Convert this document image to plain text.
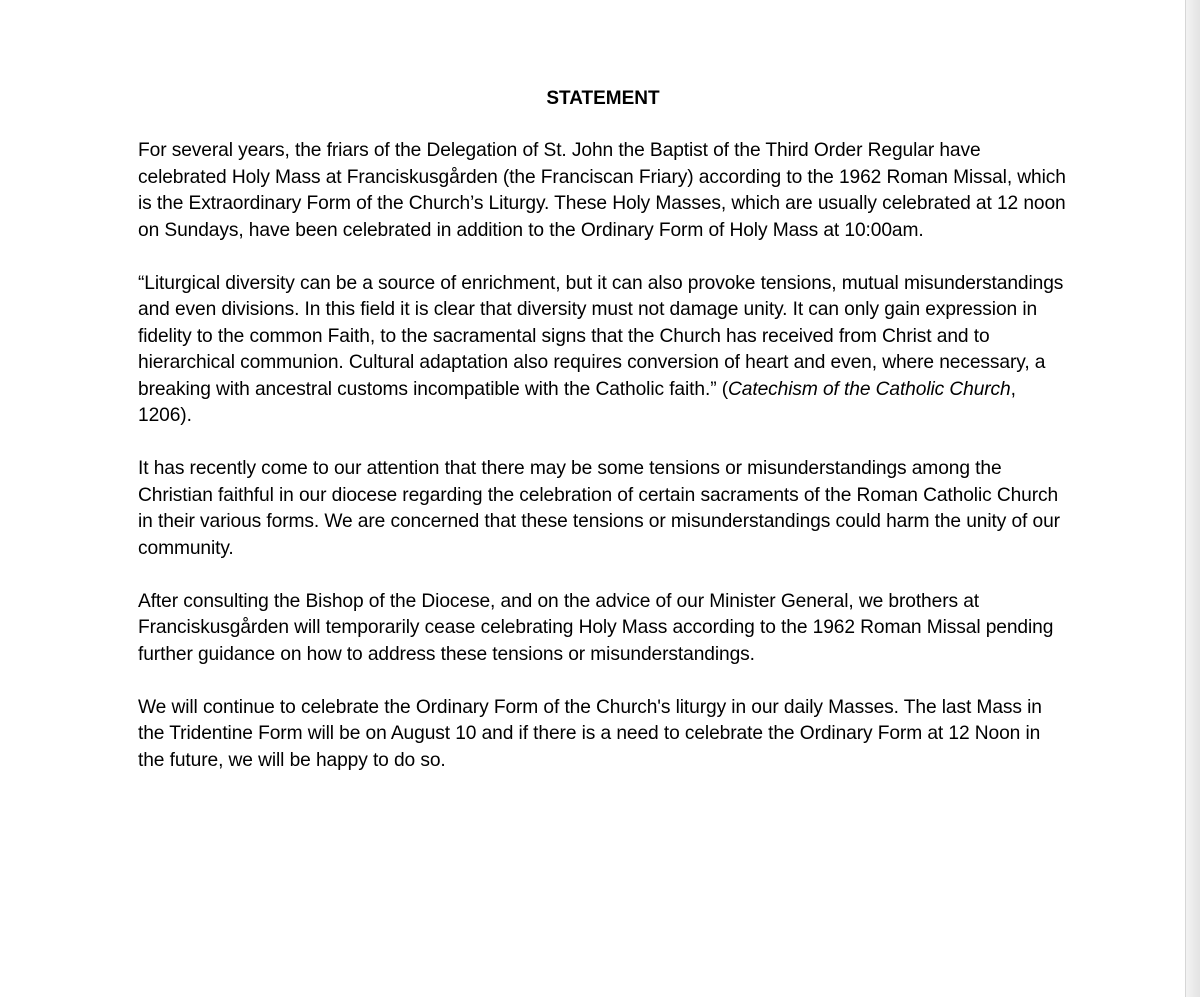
STATEMENT

For several years, the friars of the Delegation of St. John the Baptist of the Third Order Regular have celebrated Holy Mass at Franciskusgården (the Franciscan Friary) according to the 1962 Roman Missal, which is the Extraordinary Form of the Church’s Liturgy. These Holy Masses, which are usually celebrated at 12 noon on Sundays, have been celebrated in addition to the Ordinary Form of Holy Mass at 10:00am.

“Liturgical diversity can be a source of enrichment, but it can also provoke tensions, mutual misunderstandings and even divisions. In this field it is clear that diversity must not damage unity. It can only gain expression in fidelity to the common Faith, to the sacramental signs that the Church has received from Christ and to hierarchical communion. Cultural adaptation also requires conversion of heart and even, where necessary, a breaking with ancestral customs incompatible with the Catholic faith.” (Catechism of the Catholic Church, 1206).

It has recently come to our attention that there may be some tensions or misunderstandings among the Christian faithful in our diocese regarding the celebration of certain sacraments of the Roman Catholic Church in their various forms. We are concerned that these tensions or misunderstandings could harm the unity of our community.

After consulting the Bishop of the Diocese, and on the advice of our Minister General, we brothers at Franciskusgården will temporarily cease celebrating Holy Mass according to the 1962 Roman Missal pending further guidance on how to address these tensions or misunderstandings.

We will continue to celebrate the Ordinary Form of the Church's liturgy in our daily Masses. The last Mass in the Tridentine Form will be on August 10 and if there is a need to celebrate the Ordinary Form at 12 Noon in the future, we will be happy to do so.
